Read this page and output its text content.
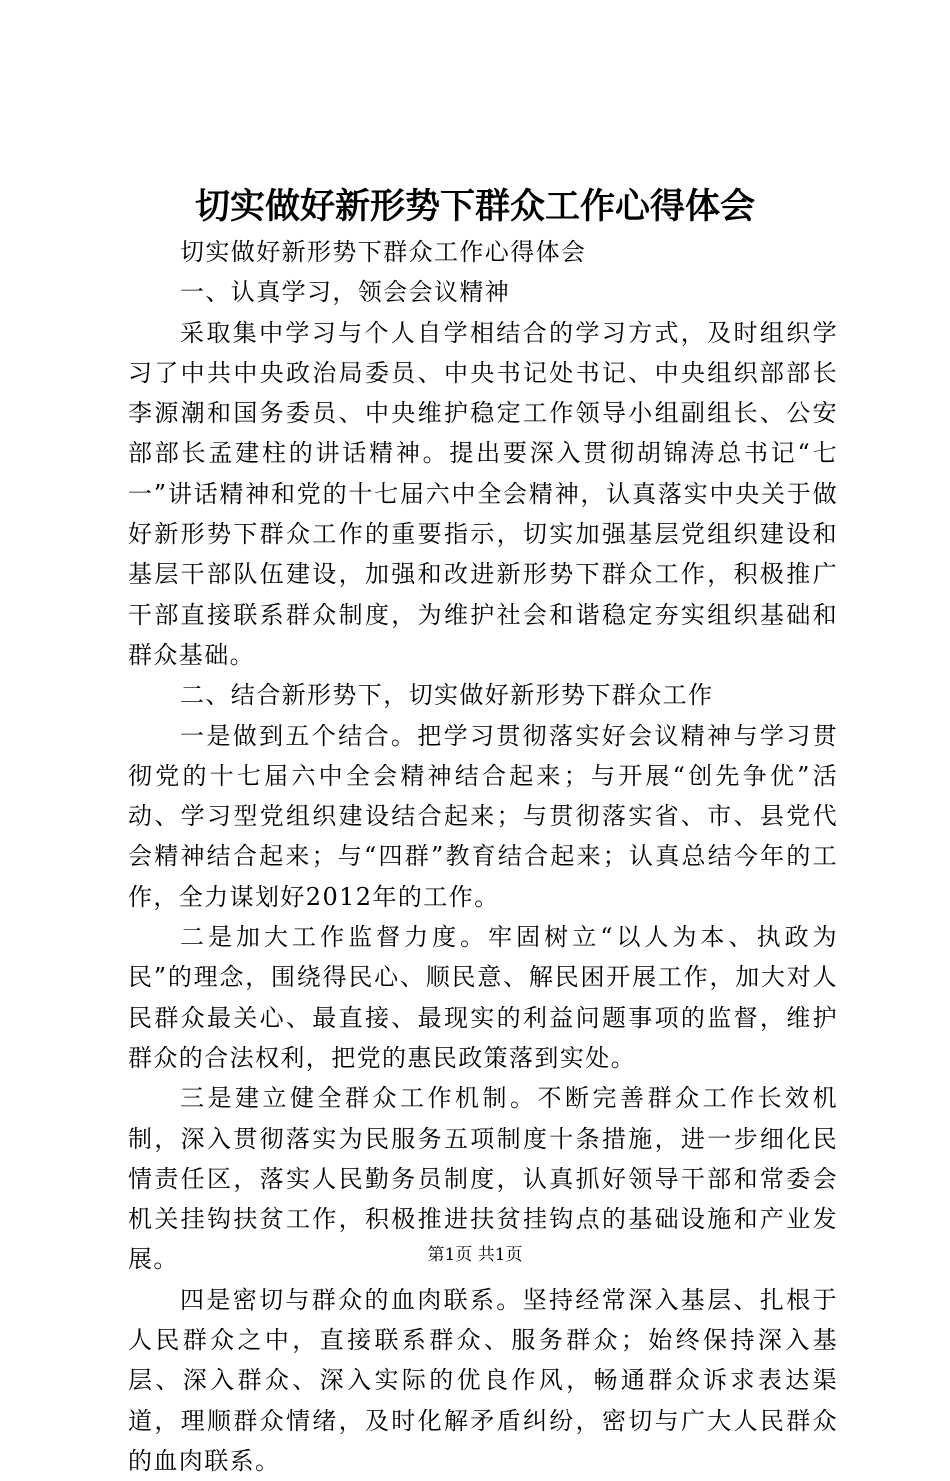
切实做好新形势下群众工作心得体会

切实做好新形势下群众工作心得体会

一、认真学习，领会会议精神

采取集中学习与个人自学相结合的学习方式，及时组织学习了中共中央政治局委员、中央书记处书记、中央组织部部长李源潮和国务委员、中央维护稳定工作领导小组副组长、公安部部长孟建柱的讲话精神。提出要深入贯彻胡锦涛总书记“七一”讲话精神和党的十七届六中全会精神，认真落实中央关于做好新形势下群众工作的重要指示，切实加强基层党组织建设和基层干部队伍建设，加强和改进新形势下群众工作，积极推广干部直接联系群众制度，为维护社会和谐稳定夯实组织基础和群众基础。

二、结合新形势下，切实做好新形势下群众工作

一是做到五个结合。把学习贯彻落实好会议精神与学习贯彻党的十七届六中全会精神结合起来；与开展“创先争优”活动、学习型党组织建设结合起来；与贯彻落实省、市、县党代会精神结合起来；与“四群”教育结合起来；认真总结今年的工作，全力谋划好2012年的工作。

二是加大工作监督力度。牢固树立“以人为本、执政为民”的理念，围绕得民心、顺民意、解民困开展工作，加大对人民群众最关心、最直接、最现实的利益问题事项的监督，维护群众的合法权利，把党的惠民政策落到实处。

三是建立健全群众工作机制。不断完善群众工作长效机制，深入贯彻落实为民服务五项制度十条措施，进一步细化民情责任区，落实人民勤务员制度，认真抓好领导干部和常委会机关挂钩扶贫工作，积极推进扶贫挂钩点的基础设施和产业发展。

四是密切与群众的血肉联系。坚持经常深入基层、扎根于人民群众之中，直接联系群众、服务群众；始终保持深入基层、深入群众、深入实际的优良作风，畅通群众诉求表达渠道，理顺群众情绪，及时化解矛盾纠纷，密切与广大人民群众的血肉联系。

第1页 共1页
